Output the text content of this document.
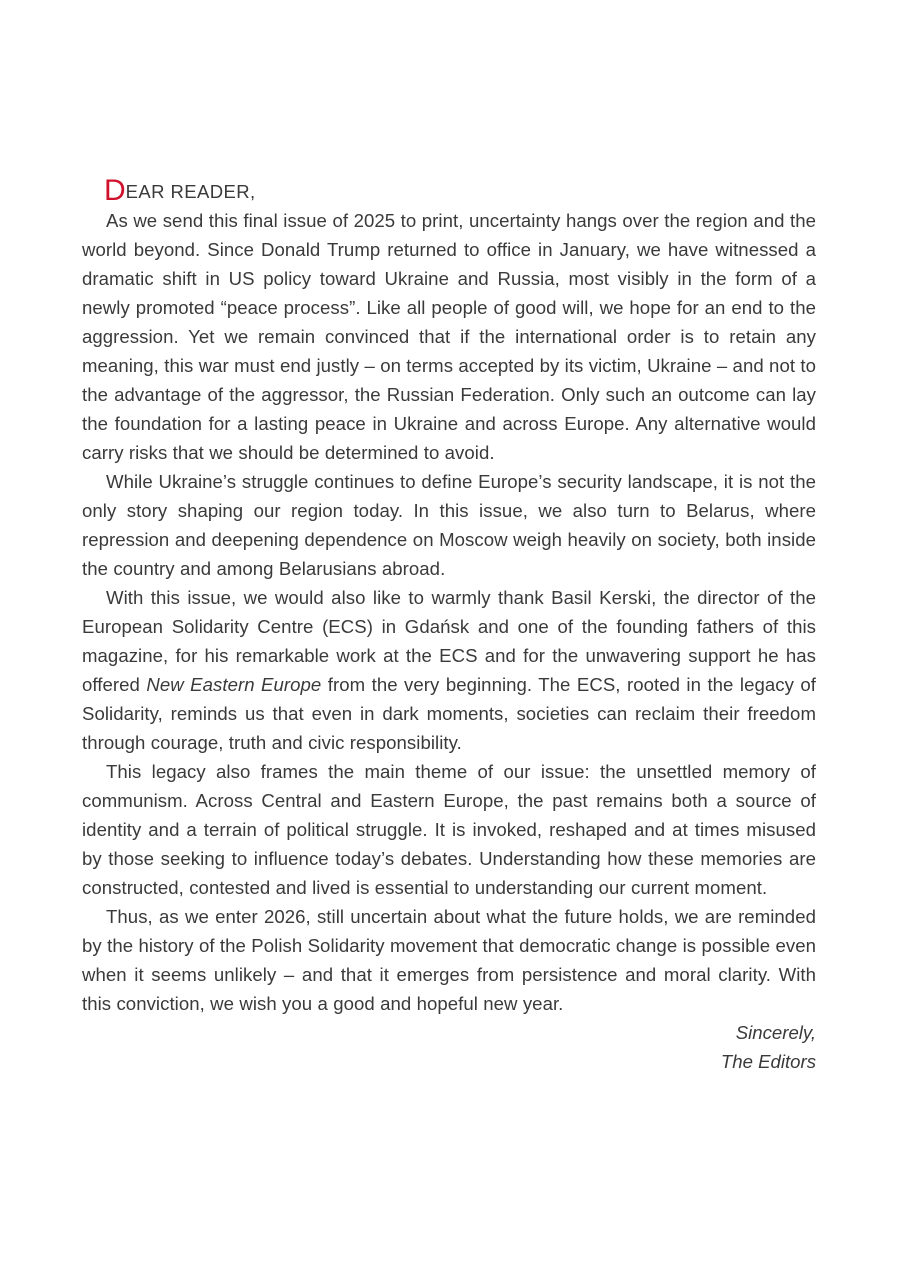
DEAR READER,

As we send this final issue of 2025 to print, uncertainty hangs over the region and the world beyond. Since Donald Trump returned to office in January, we have witnessed a dramatic shift in US policy toward Ukraine and Russia, most visibly in the form of a newly promoted “peace process”. Like all people of good will, we hope for an end to the aggression. Yet we remain convinced that if the international order is to retain any meaning, this war must end justly – on terms accepted by its victim, Ukraine – and not to the advantage of the aggressor, the Russian Federation. Only such an outcome can lay the foundation for a lasting peace in Ukraine and across Europe. Any alternative would carry risks that we should be determined to avoid.

While Ukraine’s struggle continues to define Europe’s security landscape, it is not the only story shaping our region today. In this issue, we also turn to Belarus, where repression and deepening dependence on Moscow weigh heavily on society, both inside the country and among Belarusians abroad.

With this issue, we would also like to warmly thank Basil Kerski, the director of the European Solidarity Centre (ECS) in Gdańsk and one of the founding fathers of this magazine, for his remarkable work at the ECS and for the unwavering support he has offered New Eastern Europe from the very beginning. The ECS, rooted in the legacy of Solidarity, reminds us that even in dark moments, societies can reclaim their freedom through courage, truth and civic responsibility.

This legacy also frames the main theme of our issue: the unsettled memory of communism. Across Central and Eastern Europe, the past remains both a source of identity and a terrain of political struggle. It is invoked, reshaped and at times misused by those seeking to influence today’s debates. Understanding how these memories are constructed, contested and lived is essential to understanding our current moment.

Thus, as we enter 2026, still uncertain about what the future holds, we are reminded by the history of the Polish Solidarity movement that democratic change is possible even when it seems unlikely – and that it emerges from persistence and moral clarity. With this conviction, we wish you a good and hopeful new year.

Sincerely,
The Editors
